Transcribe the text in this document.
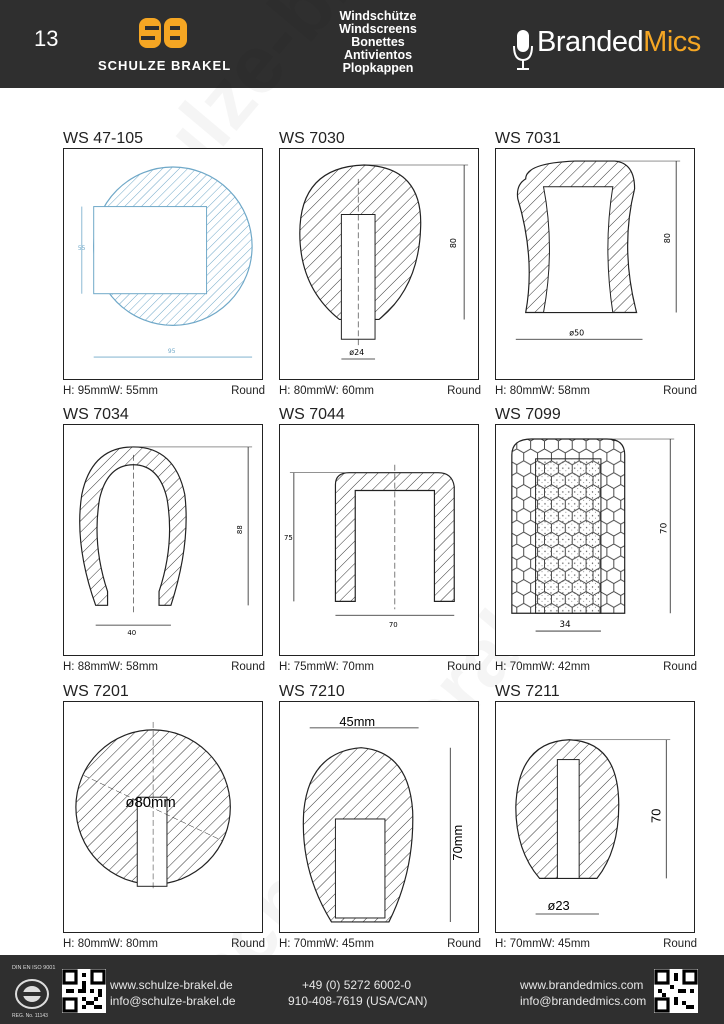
13
SCHULZE BRAKEL
Windschütze
Windscreens
Bonettes
Antivientos
Plopkappen
BrandedMics
WS 47-105
95
55
H: 95mm W: 55mm	Round
WS 7030
ø24
80
H: 80mm W: 60mm	Round
WS 7031
ø50
80
H: 80mm W: 58mm	Round
WS 7034
40
88
H: 88mm W: 58mm	Round
WS 7044
70
75
H: 75mm W: 70mm	Round
WS 7099
34
70
H: 70mm W: 42mm	Round
WS 7201
ø80mm
H: 80mm W: 80mm	Round
WS 7210
45mm
70mm
H: 70mm W: 45mm	Round
WS 7211
ø23
70
H: 70mm W: 45mm	Round
DIN EN ISO 9001
REG. No. 11143
www.schulze-brakel.de
info@schulze-brakel.de
+49 (0) 5272 6002-0
910-408-7619 (USA/CAN)
www.brandedmics.com
info@brandedmics.com
